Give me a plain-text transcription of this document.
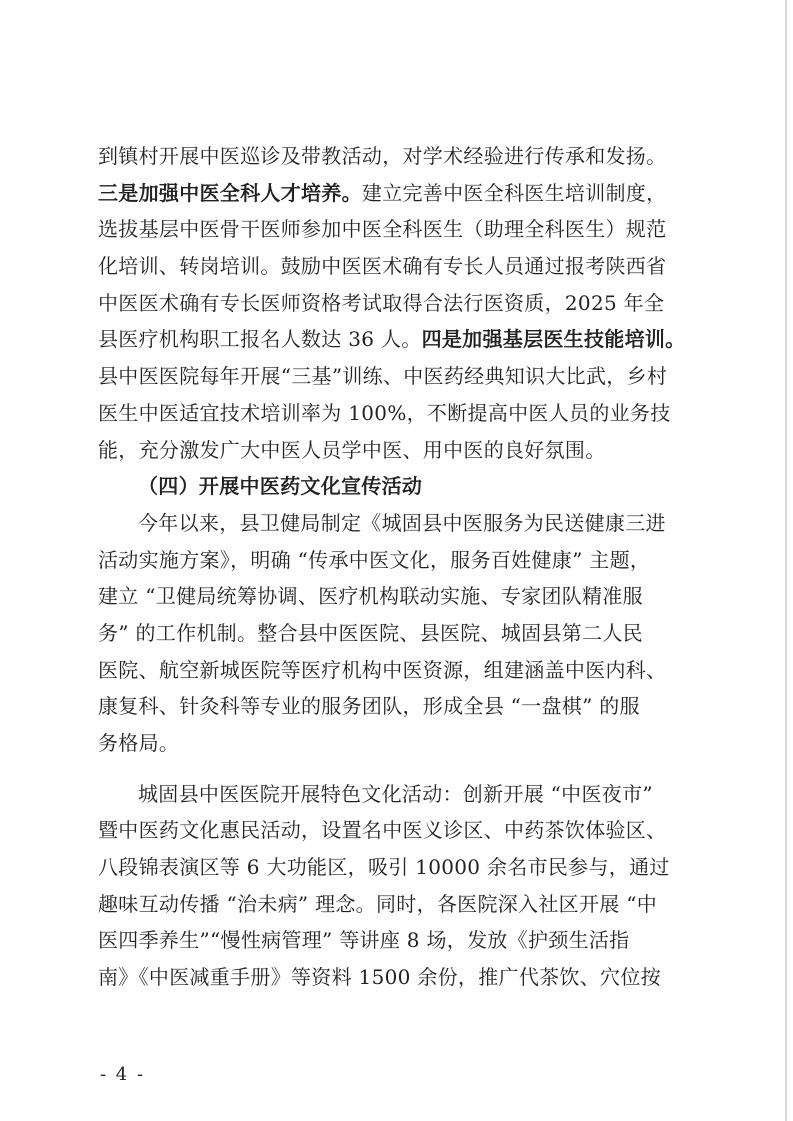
到镇村开展中医巡诊及带教活动，对学术经验进行传承和发扬。
三是加强中医全科人才培养。建立完善中医全科医生培训制度，
选拔基层中医骨干医师参加中医全科医生（助理全科医生）规范
化培训、转岗培训。鼓励中医医术确有专长人员通过报考陕西省
中医医术确有专长医师资格考试取得合法行医资质，2025 年全
县医疗机构职工报名人数达 36 人。四是加强基层医生技能培训。
县中医医院每年开展“三基”训练、中医药经典知识大比武，乡村
医生中医适宜技术培训率为 100%，不断提高中医人员的业务技
能，充分激发广大中医人员学中医、用中医的良好氛围。
（四）开展中医药文化宣传活动
今年以来，县卫健局制定《城固县中医服务为民送健康三进
活动实施方案》，明确 “传承中医文化，服务百姓健康” 主题，
建立 “卫健局统筹协调、医疗机构联动实施、专家团队精准服
务” 的工作机制。整合县中医医院、县医院、城固县第二人民
医院、航空新城医院等医疗机构中医资源，组建涵盖中医内科、
康复科、针灸科等专业的服务团队，形成全县 “一盘棋” 的服
务格局。
城固县中医医院开展特色文化活动：创新开展 “中医夜市”
暨中医药文化惠民活动，设置名中医义诊区、中药茶饮体验区、
八段锦表演区等 6 大功能区，吸引 10000 余名市民参与，通过
趣味互动传播 “治未病” 理念。同时，各医院深入社区开展 “中
医四季养生”“慢性病管理” 等讲座 8 场，发放《护颈生活指
南》《中医减重手册》等资料 1500 余份，推广代茶饮、穴位按
- 4 -
